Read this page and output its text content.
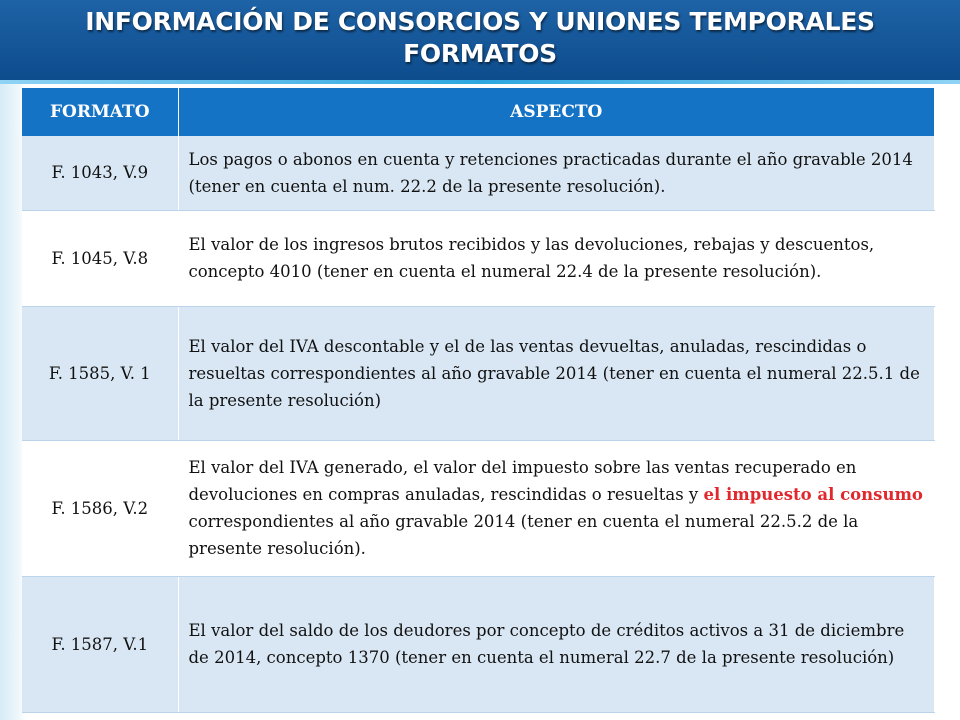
INFORMACIÓN DE CONSORCIOS Y UNIONES TEMPORALES
FORMATOS
FORMATO	ASPECTO
F. 1043, V.9	Los pagos o abonos en cuenta y retenciones practicadas durante el año gravable 2014 (tener en cuenta el num. 22.2 de la presente resolución).
F. 1045, V.8	El valor de los ingresos brutos recibidos y las devoluciones, rebajas y descuentos, concepto 4010 (tener en cuenta el numeral 22.4 de la presente resolución).
F. 1585, V. 1	El valor del IVA descontable y el de las ventas devueltas, anuladas, rescindidas o resueltas correspondientes al año gravable 2014 (tener en cuenta el numeral 22.5.1 de la presente resolución)
F. 1586, V.2	El valor del IVA generado, el valor del impuesto sobre las ventas recuperado en devoluciones en compras anuladas, rescindidas o resueltas y el impuesto al consumo correspondientes al año gravable 2014 (tener en cuenta el numeral 22.5.2 de la presente resolución).
F. 1587, V.1	El valor del saldo de los deudores por concepto de créditos activos a 31 de diciembre de 2014, concepto 1370 (tener en cuenta el numeral 22.7 de la presente resolución)
